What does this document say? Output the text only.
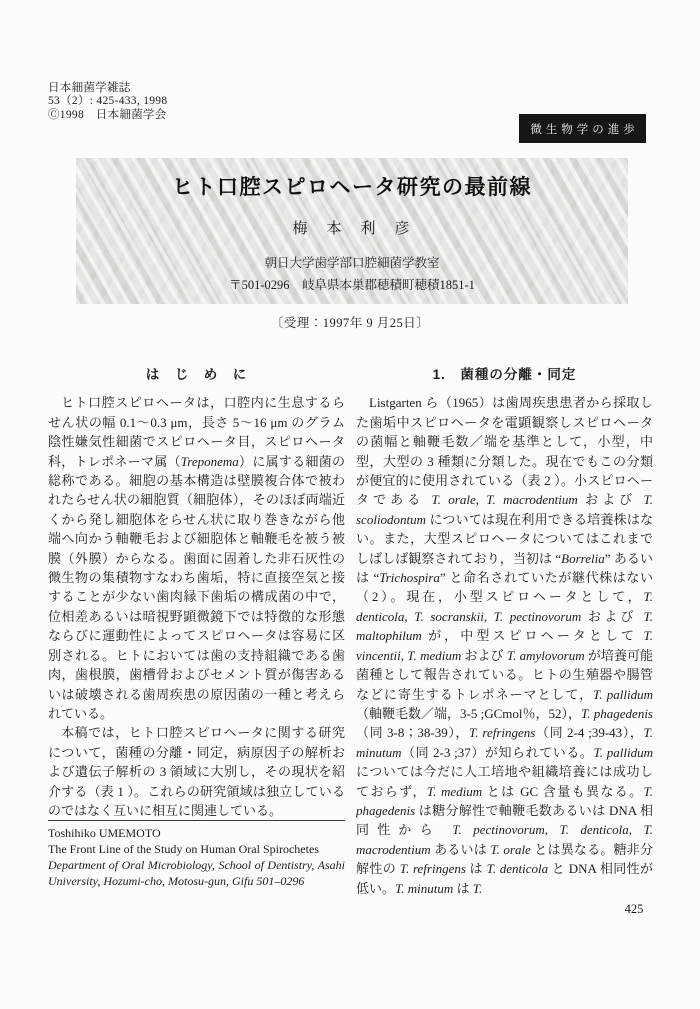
日本細菌学雑誌
53（2）: 425-433, 1998
Ⓒ1998　日本細菌学会
微生物学の進歩
ヒト口腔スピロヘータ研究の最前線
梅　本　利　彦
朝日大学歯学部口腔細菌学教室
〒501-0296　岐阜県本巣郡穂積町穂積1851-1
〔受理：1997年 9 月25日〕
は　じ　め　に

ヒト口腔スピロヘータは，口腔内に生息するらせん状の幅 0.1～0.3 μm，長さ 5～16 μm のグラム陰性嫌気性細菌でスピロヘータ目，スピロヘータ科，トレポネーマ属（Treponema）に属する細菌の総称である。細胞の基本構造は壁膜複合体で被われたらせん状の細胞質（細胞体），そのほぼ両端近くから発し細胞体をらせん状に取り巻きながら他端へ向かう軸鞭毛および細胞体と軸鞭毛を被う被膜（外膜）からなる。歯面に固着した非石灰性の微生物の集積物すなわち歯垢，特に直接空気と接することが少ない歯肉縁下歯垢の構成菌の中で，位相差あるいは暗視野顕微鏡下では特徴的な形態ならびに運動性によってスピロヘータは容易に区別される。ヒトにおいては歯の支持組織である歯肉，歯根膜，歯槽骨およびセメント質が傷害あるいは破壊される歯周疾患の原因菌の一種と考えられている。

本稿では，ヒト口腔スピロヘータに関する研究について，菌種の分離・同定，病原因子の解析および遺伝子解析の 3 領域に大別し，その現状を紹介する（表 1 ）。これらの研究領域は独立しているのではなく互いに相互に関連している。

1.　菌種の分離・同定

Listgarten ら（1965）は歯周疾患患者から採取した歯垢中スピロヘータを電顕観察しスピロヘータの菌幅と軸鞭毛数／端を基準として，小型，中型，大型の 3 種類に分類した。現在でもこの分類が便宜的に使用されている（表 2 ）。小スピロヘータである T. orale, T. macrodentium および T. scoliodontum については現在利用できる培養株はない。また，大型スピロヘータについてはこれまでしばしば観察されており，当初は “Borrelia” あるいは “Trichospira” と命名されていたが継代株はない（2）。現在，小型スピロヘータとして，T. denticola, T. socranskii, T. pectinovorum および T. maltophilum が，中型スピロヘータとして T. vincentii, T. medium および T. amylovorum が培養可能菌種として報告されている。ヒトの生殖器や腸管などに寄生するトレポネーマとして，T. pallidum（軸鞭毛数／端，3-5 ;GCmol％，52），T. phagedenis（同 3-8；38-39），T. refringens（同 2-4 ;39-43），T. minutum（同 2-3 ;37）が知られている。T. pallidum については今だに人工培地や組織培養には成功しておらず，T. medium とは GC 含量も異なる。T. phagedenis は糖分解性で軸鞭毛数あるいは DNA 相同性から T. pectinovorum, T. denticola, T. macrodentium あるいは T. orale とは異なる。糖非分解性の T. refringens は T. denticola と DNA 相同性が低い。T. minutum は T.

Toshihiko UMEMOTO
The Front Line of the Study on Human Oral Spirochetes
Department of Oral Microbiology, School of Dentistry, Asahi University, Hozumi-cho, Motosu-gun, Gifu 501–0296
425
